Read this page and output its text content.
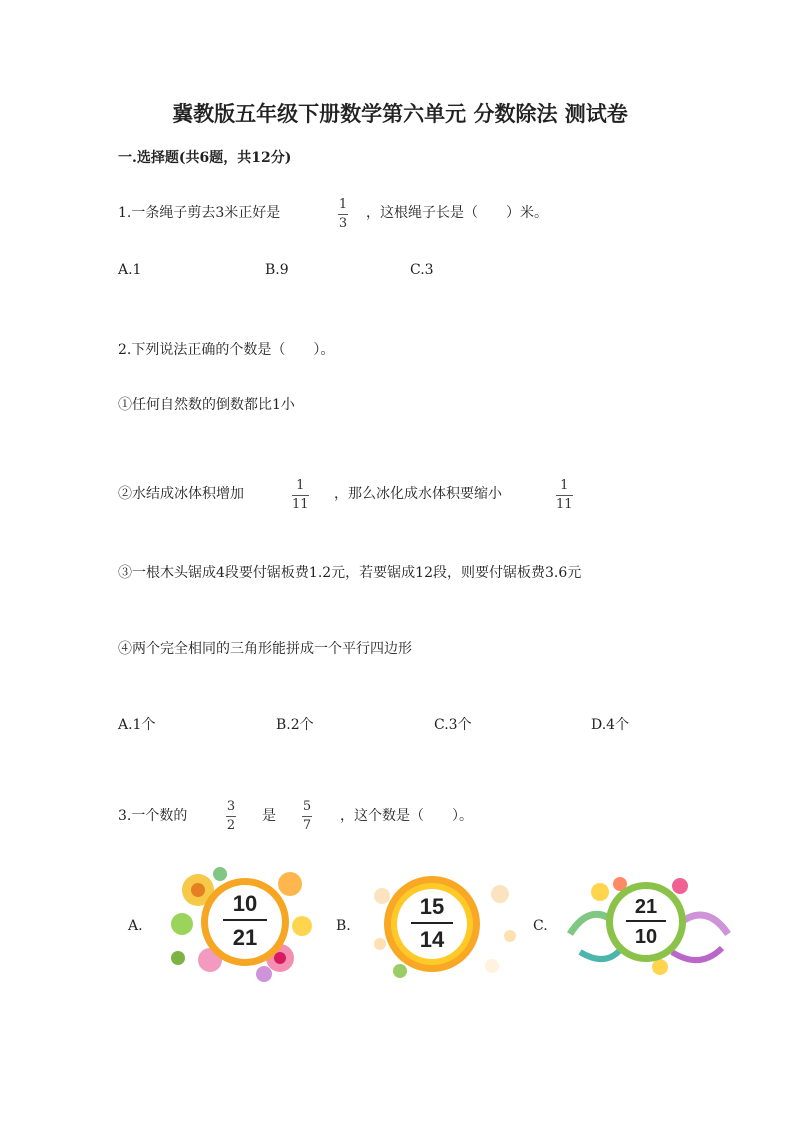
冀教版五年级下册数学第六单元 分数除法 测试卷
一.选择题(共6题，共12分)
1.一条绳子剪去3米正好是
1
3
，这根绳子长是（　　）米。
A.1	B.9	C.3
2.下列说法正确的个数是（　　）。
①任何自然数的倒数都比1小
②水结成冰体积增加
1
11
，那么冰化成水体积要缩小
1
11
③一根木头锯成4段要付锯板费1.2元，若要锯成12段，则要付锯板费3.6元
④两个完全相同的三角形能拼成一个平行四边形
A.1个	B.2个	C.3个	D.4个
3.一个数的
3
2
是
5
7
，这个数是（　　）。
A.
10
21	B.
15
14
C.
21
10
